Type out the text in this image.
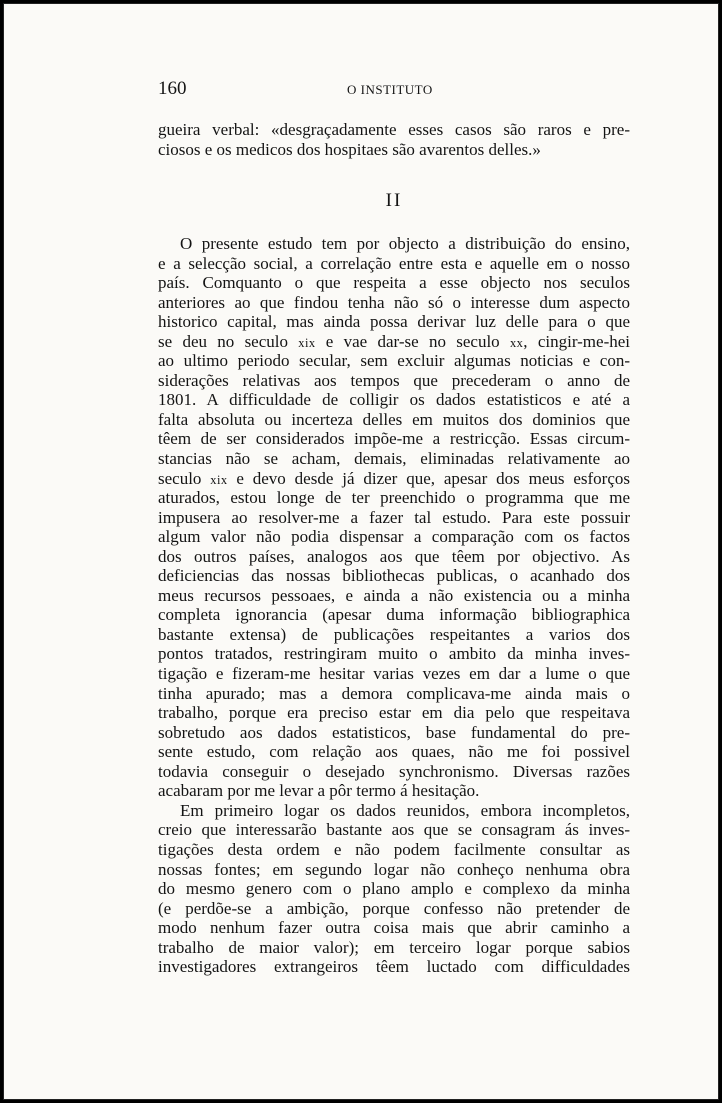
160	O INSTITUTO
gueira verbal: «desgraçadamente esses casos são raros e pre-
ciosos e os medicos dos hospitaes são avarentos delles.»
II
O presente estudo tem por objecto a distribuição do ensino,
e a selecção social, a correlação entre esta e aquelle em o nosso
país. Comquanto o que respeita a esse objecto nos seculos
anteriores ao que findou tenha não só o interesse dum aspecto
historico capital, mas ainda possa derivar luz delle para o que
se deu no seculo xix e vae dar-se no seculo xx, cingir-me-hei
ao ultimo periodo secular, sem excluir algumas noticias e con-
siderações relativas aos tempos que precederam o anno de
1801. A difficuldade de colligir os dados estatisticos e até a
falta absoluta ou incerteza delles em muitos dos dominios que
têem de ser considerados impõe-me a restricção. Essas circum-
stancias não se acham, demais, eliminadas relativamente ao
seculo xix e devo desde já dizer que, apesar dos meus esforços
aturados, estou longe de ter preenchido o programma que me
impusera ao resolver-me a fazer tal estudo. Para este possuir
algum valor não podia dispensar a comparação com os factos
dos outros países, analogos aos que têem por objectivo. As
deficiencias das nossas bibliothecas publicas, o acanhado dos
meus recursos pessoaes, e ainda a não existencia ou a minha
completa ignorancia (apesar duma informação bibliographica
bastante extensa) de publicações respeitantes a varios dos
pontos tratados, restringiram muito o ambito da minha inves-
tigação e fizeram-me hesitar varias vezes em dar a lume o que
tinha apurado; mas a demora complicava-me ainda mais o
trabalho, porque era preciso estar em dia pelo que respeitava
sobretudo aos dados estatisticos, base fundamental do pre-
sente estudo, com relação aos quaes, não me foi possivel
todavia conseguir o desejado synchronismo. Diversas razões
acabaram por me levar a pôr termo á hesitação.
Em primeiro logar os dados reunidos, embora incompletos,
creio que interessarão bastante aos que se consagram ás inves-
tigações desta ordem e não podem facilmente consultar as
nossas fontes; em segundo logar não conheço nenhuma obra
do mesmo genero com o plano amplo e complexo da minha
(e perdõe-se a ambição, porque confesso não pretender de
modo nenhum fazer outra coisa mais que abrir caminho a
trabalho de maior valor); em terceiro logar porque sabios
investigadores extrangeiros têem luctado com difficuldades
